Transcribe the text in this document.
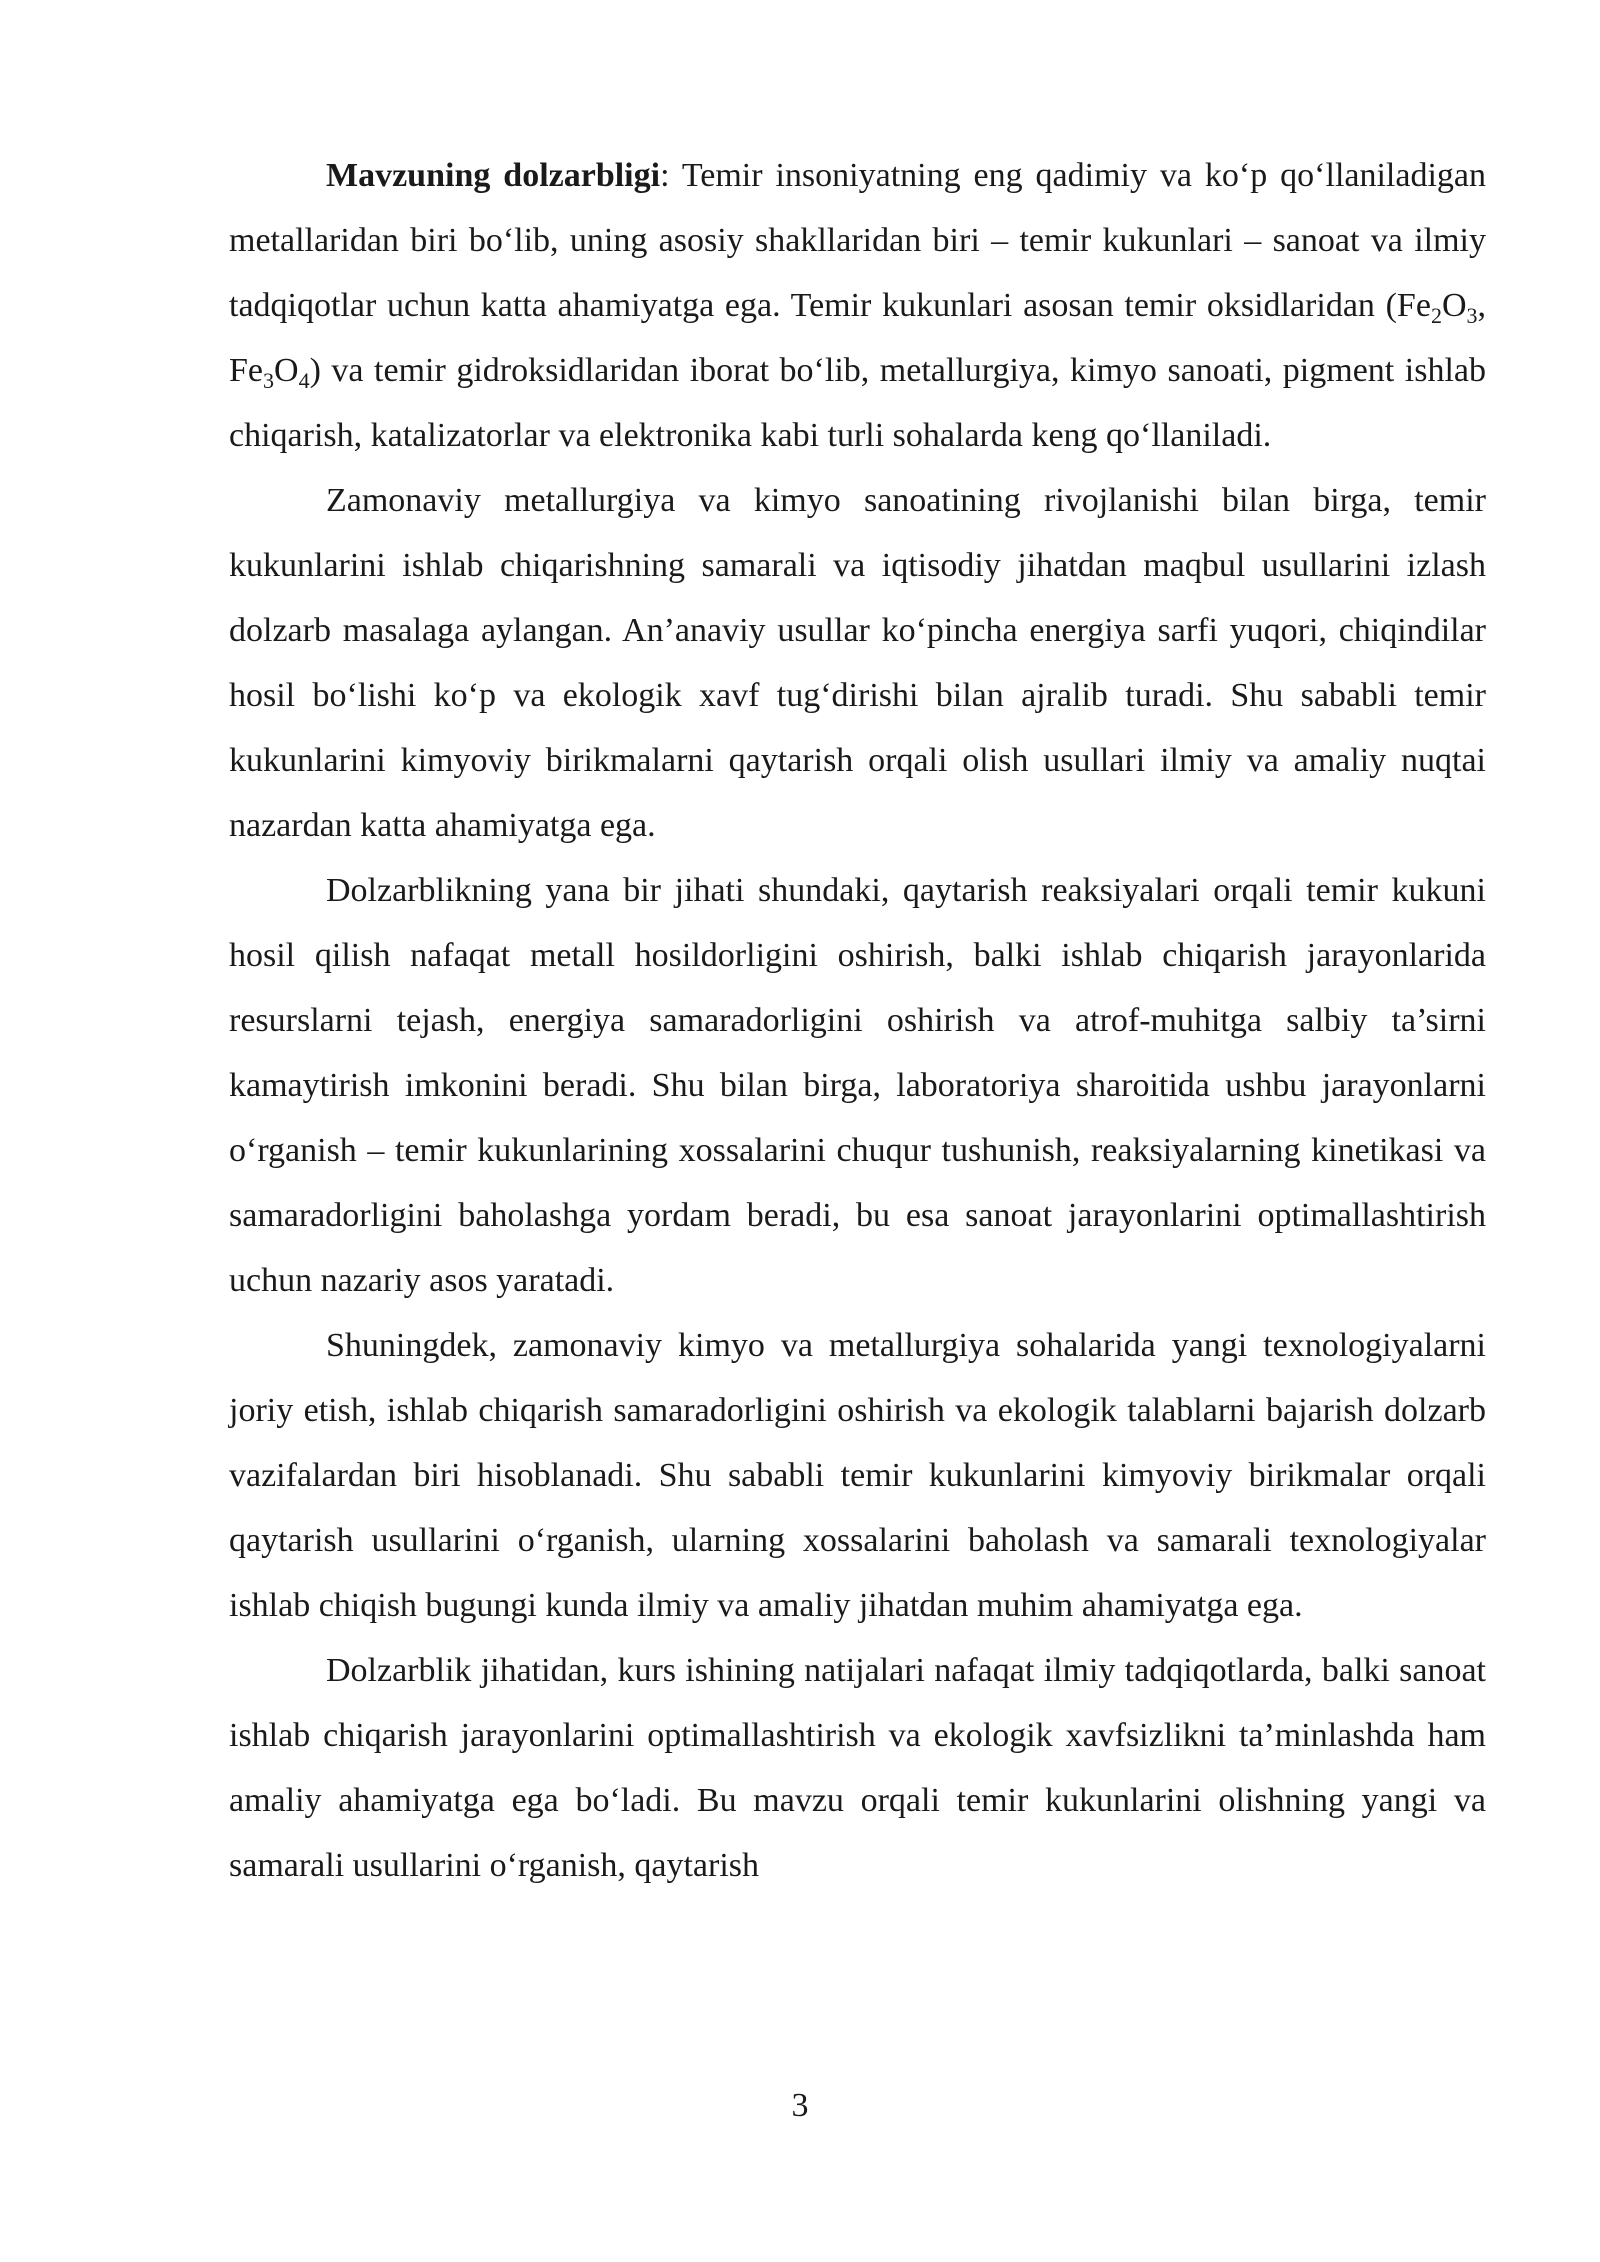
Mavzuning dolzarbligi: Temir insoniyatning eng qadimiy va ko‘p qo‘llaniladigan metallaridan biri bo‘lib, uning asosiy shakllaridan biri – temir kukunlari – sanoat va ilmiy tadqiqotlar uchun katta ahamiyatga ega. Temir kukunlari asosan temir oksidlaridan ($Fe_2O_3$, $Fe_3O_4$) va temir gidroksidlaridan iborat bo‘lib, metallurgiya, kimyo sanoati, pigment ishlab chiqarish, katalizatorlar va elektronika kabi turli sohalarda keng qo‘llaniladi.

Zamonaviy metallurgiya va kimyo sanoatining rivojlanishi bilan birga, temir kukunlarini ishlab chiqarishning samarali va iqtisodiy jihatdan maqbul usullarini izlash dolzarb masalaga aylangan. An’anaviy usullar ko‘pincha energiya sarfi yuqori, chiqindilar hosil bo‘lishi ko‘p va ekologik xavf tug‘dirishi bilan ajralib turadi. Shu sababli temir kukunlarini kimyoviy birikmalarni qaytarish orqali olish usullari ilmiy va amaliy nuqtai nazardan katta ahamiyatga ega.

Dolzarblikning yana bir jihati shundaki, qaytarish reaksiyalari orqali temir kukuni hosil qilish nafaqat metall hosildorligini oshirish, balki ishlab chiqarish jarayonlarida resurslarni tejash, energiya samaradorligini oshirish va atrof-muhitga salbiy ta’sirni kamaytirish imkonini beradi. Shu bilan birga, laboratoriya sharoitida ushbu jarayonlarni o‘rganish – temir kukunlarining xossalarini chuqur tushunish, reaksiyalarning kinetikasi va samaradorligini baholashga yordam beradi, bu esa sanoat jarayonlarini optimallashtirish uchun nazariy asos yaratadi.

Shuningdek, zamonaviy kimyo va metallurgiya sohalarida yangi texnologiyalarni joriy etish, ishlab chiqarish samaradorligini oshirish va ekologik talablarni bajarish dolzarb vazifalardan biri hisoblanadi. Shu sababli temir kukunlarini kimyoviy birikmalar orqali qaytarish usullarini o‘rganish, ularning xossalarini baholash va samarali texnologiyalar ishlab chiqish bugungi kunda ilmiy va amaliy jihatdan muhim ahamiyatga ega.

Dolzarblik jihatidan, kurs ishining natijalari nafaqat ilmiy tadqiqotlarda, balki sanoat ishlab chiqarish jarayonlarini optimallashtirish va ekologik xavfsizlikni ta’minlashda ham amaliy ahamiyatga ega bo‘ladi. Bu mavzu orqali temir kukunlarini olishning yangi va samarali usullarini o‘rganish, qaytarish

3
